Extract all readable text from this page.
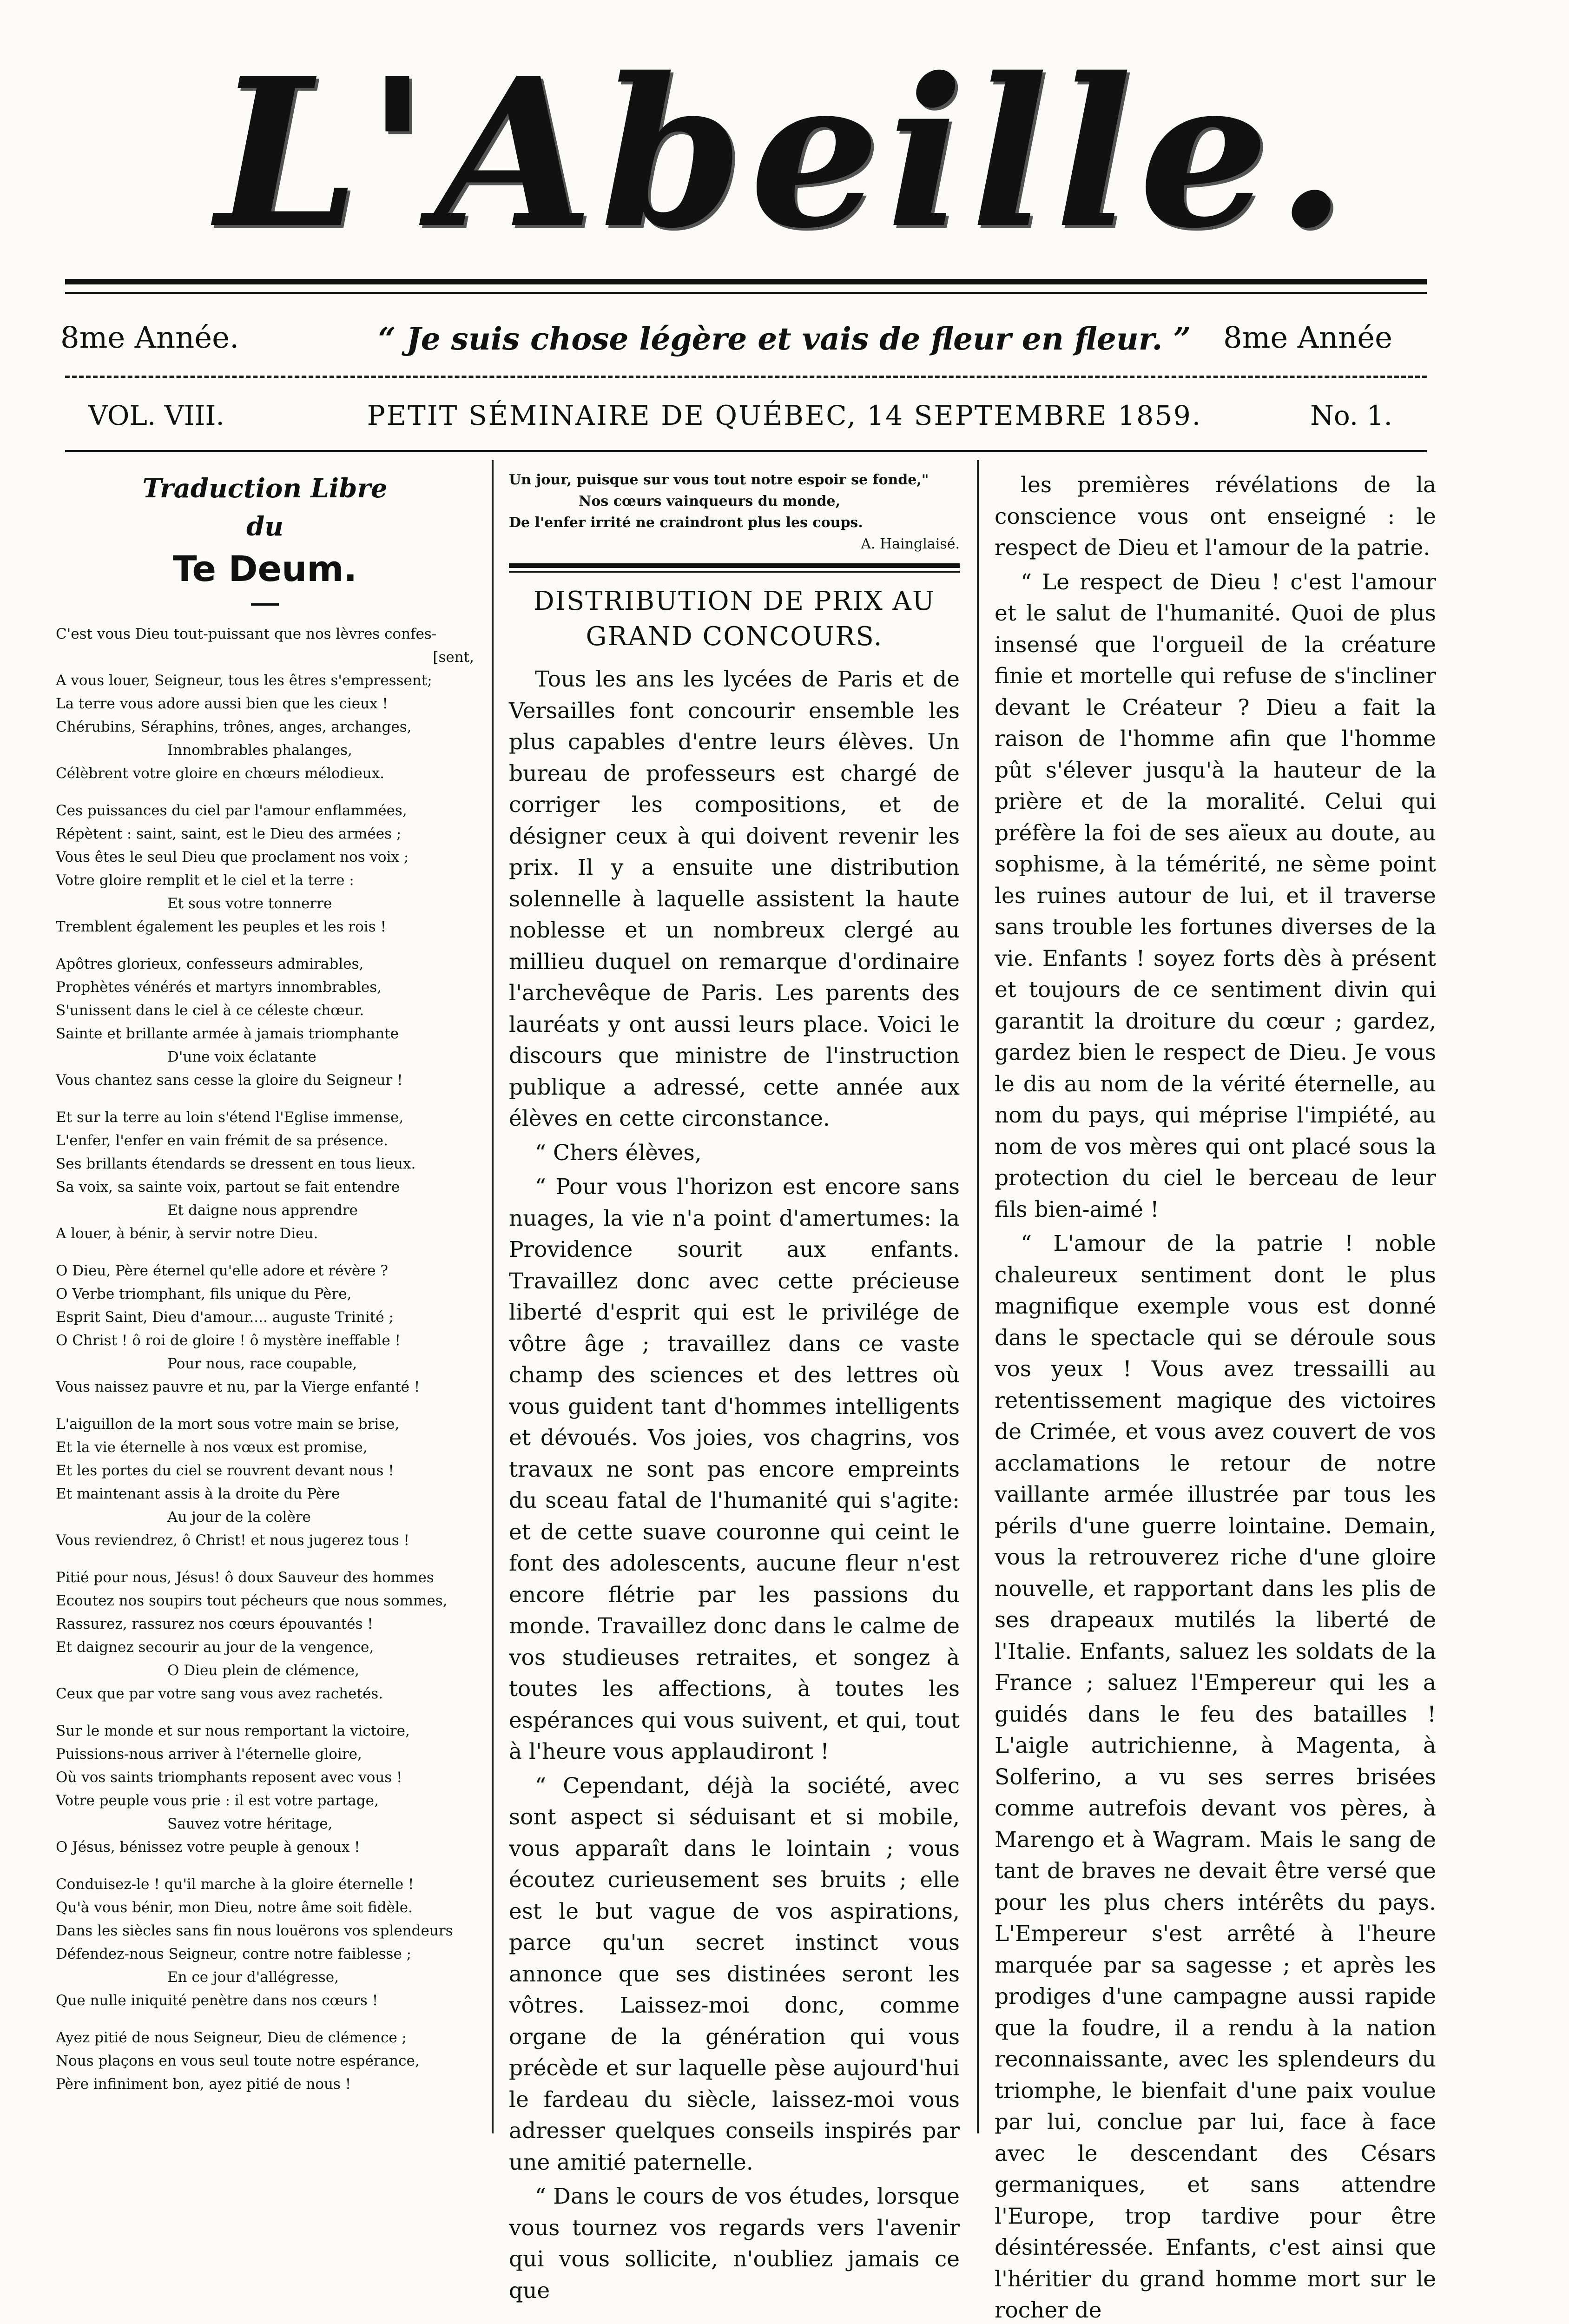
L'Abeille.
8me Année.	“ Je suis chose légère et vais de fleur en fleur. ”	8me Année
VOL. VIII.	PETIT SÉMINAIRE DE QUÉBEC, 14 SEPTEMBRE 1859.	No. 1.
Traduction Libre
du
Te Deum.
C'est vous Dieu tout-puissant que nos lèvres confes-
[sent,
A vous louer, Seigneur, tous les êtres s'empressent;
La terre vous adore aussi bien que les cieux !
Chérubins, Séraphins, trônes, anges, archanges,
Innombrables phalanges,
Célèbrent votre gloire en chœurs mélodieux.
Ces puissances du ciel par l'amour enflammées,
Répètent : saint, saint, est le Dieu des armées ;
Vous êtes le seul Dieu que proclament nos voix ;
Votre gloire remplit et le ciel et la terre :
Et sous votre tonnerre
Tremblent également les peuples et les rois !
Apôtres glorieux, confesseurs admirables,
Prophètes vénérés et martyrs innombrables,
S'unissent dans le ciel à ce céleste chœur.
Sainte et brillante armée à jamais triomphante
D'une voix éclatante
Vous chantez sans cesse la gloire du Seigneur !
Et sur la terre au loin s'étend l'Eglise immense,
L'enfer, l'enfer en vain frémit de sa présence.
Ses brillants étendards se dressent en tous lieux.
Sa voix, sa sainte voix, partout se fait entendre
Et daigne nous apprendre
A louer, à bénir, à servir notre Dieu.
O Dieu, Père éternel qu'elle adore et révère ?
O Verbe triomphant, fils unique du Père,
Esprit Saint, Dieu d'amour.... auguste Trinité ;
O Christ ! ô roi de gloire ! ô mystère ineffable !
Pour nous, race coupable,
Vous naissez pauvre et nu, par la Vierge enfanté !
L'aiguillon de la mort sous votre main se brise,
Et la vie éternelle à nos vœux est promise,
Et les portes du ciel se rouvrent devant nous !
Et maintenant assis à la droite du Père
Au jour de la colère
Vous reviendrez, ô Christ! et nous jugerez tous !
Pitié pour nous, Jésus! ô doux Sauveur des hommes
Ecoutez nos soupirs tout pécheurs que nous sommes,
Rassurez, rassurez nos cœurs épouvantés !
Et daignez secourir au jour de la vengence,
O Dieu plein de clémence,
Ceux que par votre sang vous avez rachetés.
Sur le monde et sur nous remportant la victoire,
Puissions-nous arriver à l'éternelle gloire,
Où vos saints triomphants reposent avec vous !
Votre peuple vous prie : il est votre partage,
Sauvez votre héritage,
O Jésus, bénissez votre peuple à genoux !
Conduisez-le ! qu'il marche à la gloire éternelle !
Qu'à vous bénir, mon Dieu, notre âme soit fidèle.
Dans les siècles sans fin nous louërons vos splendeurs
Défendez-nous Seigneur, contre notre faiblesse ;
En ce jour d'allégresse,
Que nulle iniquité penètre dans nos cœurs !
Ayez pitié de nous Seigneur, Dieu de clémence ;
Nous plaçons en vous seul toute notre espérance,
Père infiniment bon, ayez pitié de nous !
Un jour, puisque sur vous tout notre espoir se fonde,"
Nos cœurs vainqueurs du monde,
De l'enfer irrité ne craindront plus les coups.
A. Hainglaisé.
DISTRIBUTION DE PRIX AU
GRAND CONCOURS.

Tous les ans les lycées de Paris et de Versailles font concourir ensemble les plus capables d'entre leurs élèves. Un bureau de professeurs est chargé de corriger les compositions, et de désigner ceux à qui doivent revenir les prix. Il y a ensuite une distribution solennelle à laquelle assistent la haute noblesse et un nombreux clergé au millieu duquel on remarque d'ordinaire l'archevêque de Paris. Les parents des lauréats y ont aussi leurs place. Voici le discours que ministre de l'instruction publique a adressé, cette année aux élèves en cette circonstance.

“ Chers élèves,

“ Pour vous l'horizon est encore sans nuages, la vie n'a point d'amertumes: la Providence sourit aux enfants. Travaillez donc avec cette précieuse liberté d'esprit qui est le privilége de vôtre âge ; travaillez dans ce vaste champ des sciences et des lettres où vous guident tant d'hommes intelligents et dévoués. Vos joies, vos chagrins, vos travaux ne sont pas encore empreints du sceau fatal de l'humanité qui s'agite: et de cette suave couronne qui ceint le font des adolescents, aucune fleur n'est encore flétrie par les passions du monde. Travaillez donc dans le calme de vos studieuses retraites, et songez à toutes les affections, à toutes les espérances qui vous suivent, et qui, tout à l'heure vous applaudiront !

“ Cependant, déjà la société, avec sont aspect si séduisant et si mobile, vous apparaît dans le lointain ; vous écoutez curieusement ses bruits ; elle est le but vague de vos aspirations, parce qu'un secret instinct vous annonce que ses distinées seront les vôtres. Laissez-moi donc, comme organe de la génération qui vous précède et sur laquelle pèse aujourd'hui le fardeau du siècle, laissez-moi vous adresser quelques conseils inspirés par une amitié paternelle.

“ Dans le cours de vos études, lorsque vous tournez vos regards vers l'avenir qui vous sollicite, n'oubliez jamais ce que

les premières révélations de la conscience vous ont enseigné : le respect de Dieu et l'amour de la patrie.

“ Le respect de Dieu ! c'est l'amour et le salut de l'humanité. Quoi de plus insensé que l'orgueil de la créature finie et mortelle qui refuse de s'incliner devant le Créateur ? Dieu a fait la raison de l'homme afin que l'homme pût s'élever jusqu'à la hauteur de la prière et de la moralité. Celui qui préfère la foi de ses aïeux au doute, au sophisme, à la témérité, ne sème point les ruines autour de lui, et il traverse sans trouble les fortunes diverses de la vie. Enfants ! soyez forts dès à présent et toujours de ce sentiment divin qui garantit la droiture du cœur ; gardez, gardez bien le respect de Dieu. Je vous le dis au nom de la vérité éternelle, au nom du pays, qui méprise l'impiété, au nom de vos mères qui ont placé sous la protection du ciel le berceau de leur fils bien-aimé !

“ L'amour de la patrie ! noble chaleureux sentiment dont le plus magnifique exemple vous est donné dans le spectacle qui se déroule sous vos yeux ! Vous avez tressailli au retentissement magique des victoires de Crimée, et vous avez couvert de vos acclamations le retour de notre vaillante armée illustrée par tous les périls d'une guerre lointaine. Demain, vous la retrouverez riche d'une gloire nouvelle, et rapportant dans les plis de ses drapeaux mutilés la liberté de l'Italie. Enfants, saluez les soldats de la France ; saluez l'Empereur qui les a guidés dans le feu des batailles ! L'aigle autrichienne, à Magenta, à Solferino, a vu ses serres brisées comme autrefois devant vos pères, à Marengo et à Wagram. Mais le sang de tant de braves ne devait être versé que pour les plus chers intérêts du pays. L'Empereur s'est arrêté à l'heure marquée par sa sagesse ; et après les prodiges d'une campagne aussi rapide que la foudre, il a rendu à la nation reconnaissante, avec les splendeurs du triomphe, le bienfait d'une paix voulue par lui, conclue par lui, face à face avec le descendant des Césars germaniques, et sans attendre l'Europe, trop tardive pour être désintéressée. Enfants, c'est ainsi que l'héritier du grand homme mort sur le rocher de
